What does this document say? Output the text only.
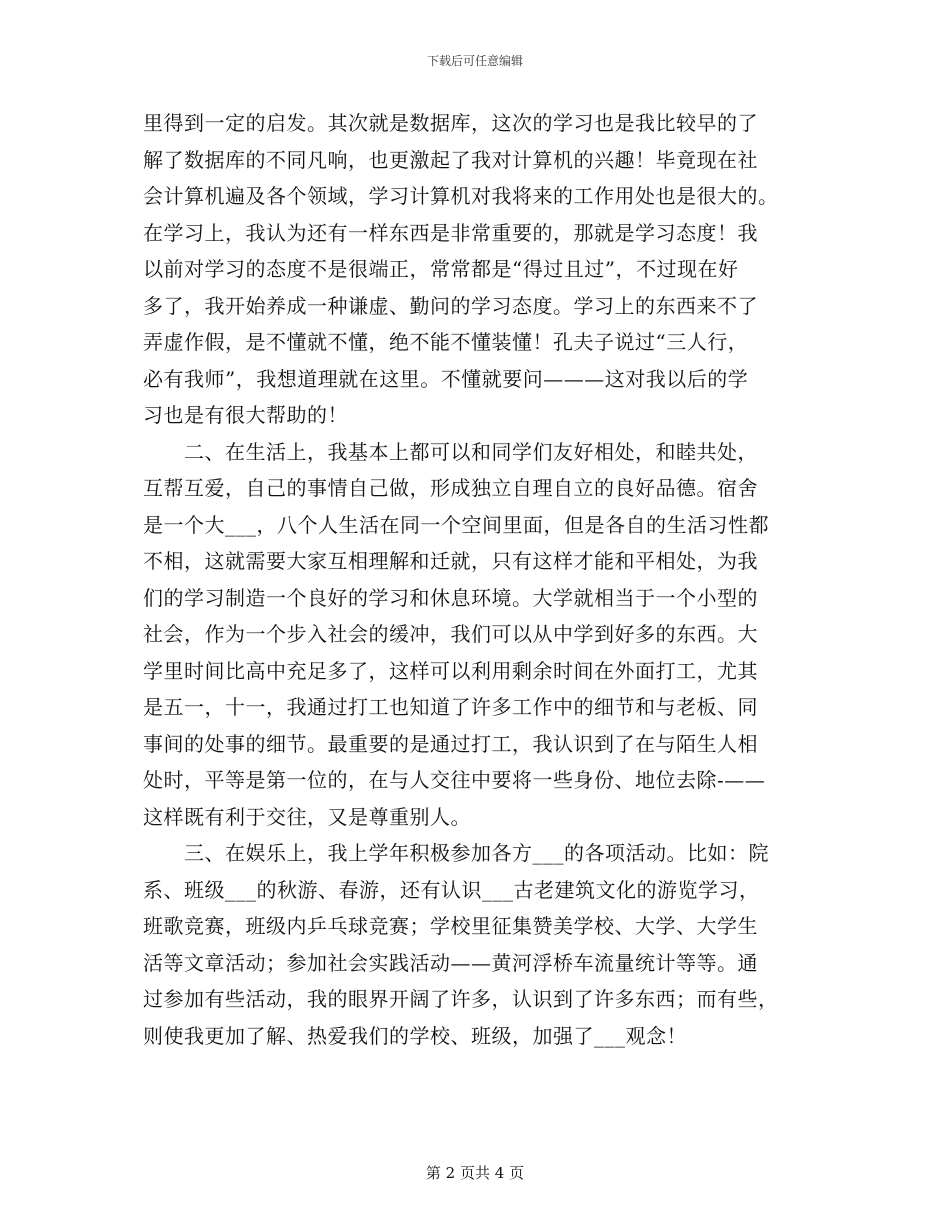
下载后可任意编辑

里得到一定的启发。其次就是数据库，这次的学习也是我比较早的了
解了数据库的不同凡响，也更激起了我对计算机的兴趣！毕竟现在社
会计算机遍及各个领域，学习计算机对我将来的工作用处也是很大的。
在学习上，我认为还有一样东西是非常重要的，那就是学习态度！我
以前对学习的态度不是很端正，常常都是“得过且过”，不过现在好
多了，我开始养成一种谦虚、勤问的学习态度。学习上的东西来不了
弄虚作假，是不懂就不懂，绝不能不懂装懂！孔夫子说过“三人行，
必有我师”，我想道理就在这里。不懂就要问———这对我以后的学
习也是有很大帮助的！

　　二、在生活上，我基本上都可以和同学们友好相处，和睦共处，
互帮互爱，自己的事情自己做，形成独立自理自立的良好品德。宿舍
是一个大___，八个人生活在同一个空间里面，但是各自的生活习性都
不相，这就需要大家互相理解和迁就，只有这样才能和平相处，为我
们的学习制造一个良好的学习和休息环境。大学就相当于一个小型的
社会，作为一个步入社会的缓冲，我们可以从中学到好多的东西。大
学里时间比高中充足多了，这样可以利用剩余时间在外面打工，尤其
是五一，十一，我通过打工也知道了许多工作中的细节和与老板、同
事间的处事的细节。最重要的是通过打工，我认识到了在与陌生人相
处时，平等是第一位的，在与人交往中要将一些身份、地位去除-——
这样既有利于交往，又是尊重别人。

　　三、在娱乐上，我上学年积极参加各方___的各项活动。比如：院
系、班级___的秋游、春游，还有认识___古老建筑文化的游览学习，
班歌竞赛，班级内乒乓球竞赛；学校里征集赞美学校、大学、大学生
活等文章活动；参加社会实践活动——黄河浮桥车流量统计等等。通
过参加有些活动，我的眼界开阔了许多，认识到了许多东西；而有些，
则使我更加了解、热爱我们的学校、班级，加强了___观念！

第 2 页共 4 页
